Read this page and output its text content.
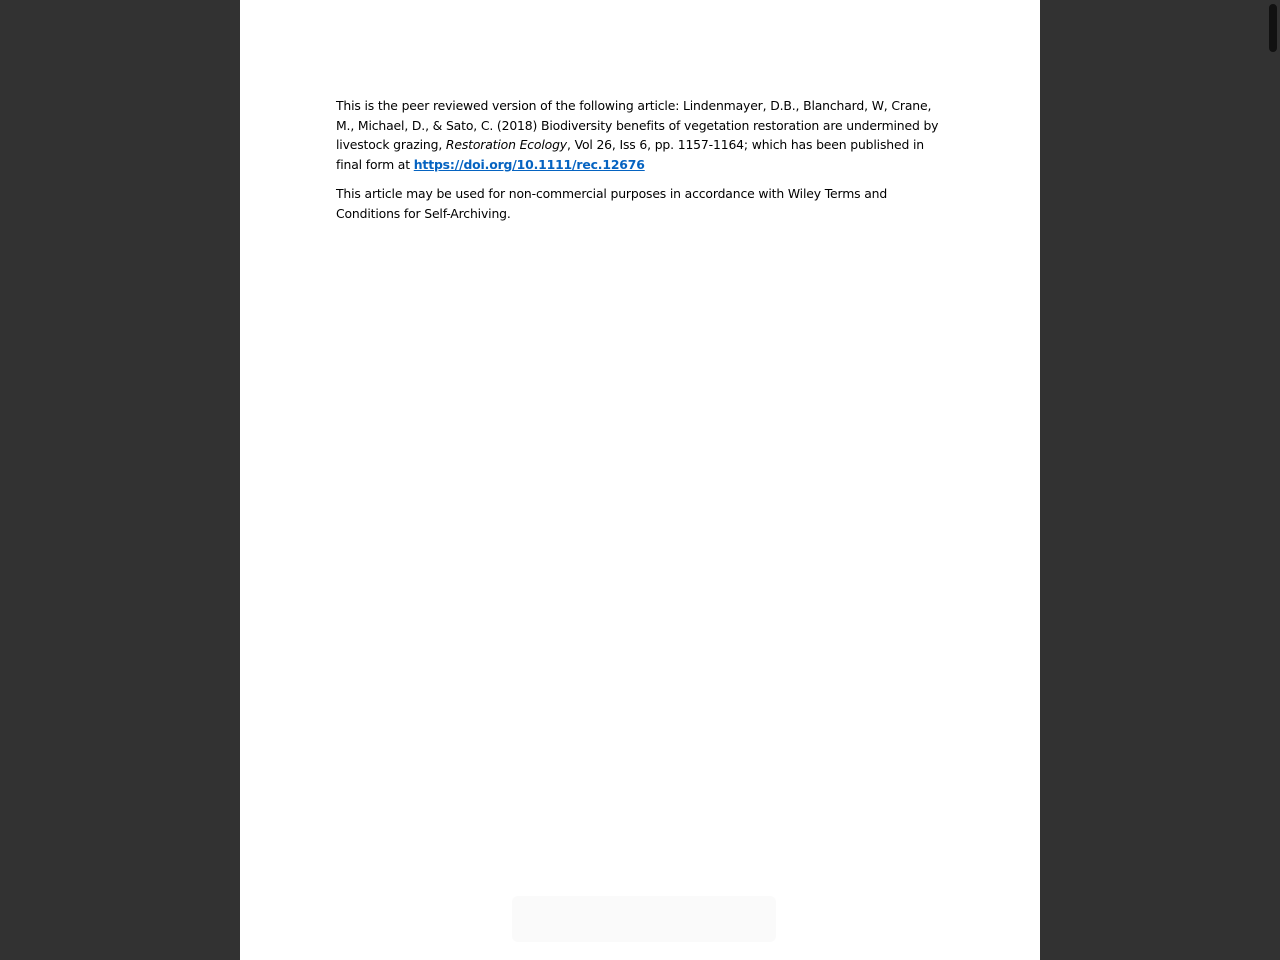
This is the peer reviewed version of the following article: Lindenmayer, D.B., Blanchard, W, Crane, M., Michael, D., & Sato, C. (2018) Biodiversity benefits of vegetation restoration are undermined by livestock grazing, Restoration Ecology, Vol 26, Iss 6, pp. 1157-1164; which has been published in final form at https://doi.org/10.1111/rec.12676

This article may be used for non-commercial purposes in accordance with Wiley Terms and Conditions for Self-Archiving.
